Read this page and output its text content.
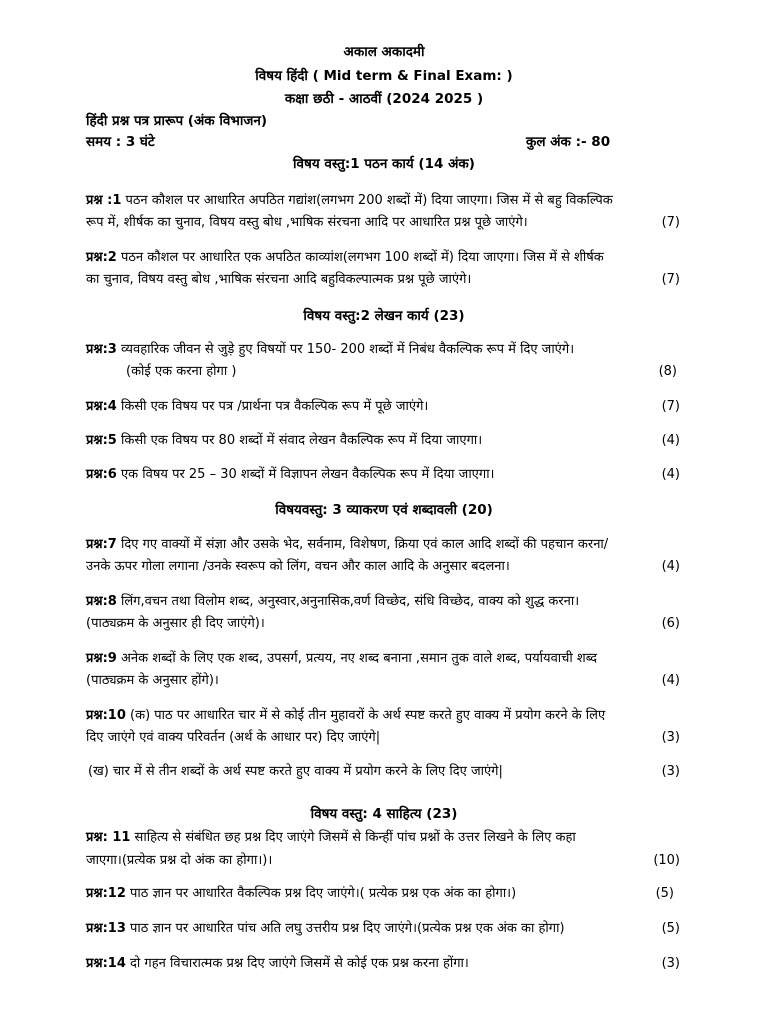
अकाल अकादमी
विषय हिंदी ( Mid term & Final Exam: )
कक्षा छठी - आठवीं (2024 2025 )
हिंदी प्रश्न पत्र प्रारूप (अंक विभाजन)
समय : 3 घंटे	कुल अंक :- 80
विषय वस्तु:1 पठन कार्य (14 अंक)
प्रश्न :1 पठन कौशल पर आधारित अपठित गद्यांश(लगभग 200 शब्दों में) दिया जाएगा। जिस में से बहु विकल्पिक
रूप में, शीर्षक का चुनाव, विषय वस्तु बोध ,भाषिक संरचना आदि पर आधारित प्रश्न पूछे जाएंगे।	(7)
प्रश्न:2 पठन कौशल पर आधारित एक अपठित काव्यांश(लगभग 100 शब्दों में) दिया जाएगा। जिस में से शीर्षक
का चुनाव, विषय वस्तु बोध ,भाषिक संरचना आदि बहुविकल्पात्मक प्रश्न पूछे जाएंगे।	(7)
विषय वस्तु:2 लेखन कार्य (23)
प्रश्न:3 व्यवहारिक जीवन से जुड़े हुए विषयों पर 150- 200 शब्दों में निबंध वैकल्पिक रूप में दिए जाएंगे।
(कोई एक करना होगा )	(8)
प्रश्न:4 किसी एक विषय पर पत्र /प्रार्थना पत्र वैकल्पिक रूप में पूछे जाएंगे।	(7)
प्रश्न:5 किसी एक विषय पर 80 शब्दों में संवाद लेखन वैकल्पिक रूप में दिया जाएगा।	(4)
प्रश्न:6 एक विषय पर 25 – 30 शब्दों में विज्ञापन लेखन वैकल्पिक रूप में दिया जाएगा।	(4)
विषयवस्तु: 3 व्याकरण एवं शब्दावली (20)
प्रश्न:7 दिए गए वाक्यों में संज्ञा और उसके भेद, सर्वनाम, विशेषण, क्रिया एवं काल आदि शब्दों की पहचान करना/
उनके ऊपर गोला लगाना /उनके स्वरूप को लिंग, वचन और काल आदि के अनुसार बदलना।	(4)
प्रश्न:8 लिंग,वचन तथा विलोम शब्द, अनुस्वार,अनुनासिक,वर्ण विच्छेद, संधि विच्छेद, वाक्य को शुद्ध करना।
(पाठ्यक्रम के अनुसार ही दिए जाएंगे)।	(6)
प्रश्न:9 अनेक शब्दों के लिए एक शब्द, उपसर्ग, प्रत्यय, नए शब्द बनाना ,समान तुक वाले शब्द, पर्यायवाची शब्द
(पाठ्यक्रम के अनुसार होंगे)।	(4)
प्रश्न:10 (क) पाठ पर आधारित चार में से कोई तीन मुहावरों के अर्थ स्पष्ट करते हुए वाक्य में प्रयोग करने के लिए
दिए जाएंगे एवं वाक्य परिवर्तन (अर्थ के आधार पर) दिए जाएंगे|	(3)
(ख) चार में से तीन शब्दों के अर्थ स्पष्ट करते हुए वाक्य में प्रयोग करने के लिए दिए जाएंगे|	(3)
विषय वस्तु: 4 साहित्य (23)
प्रश्न: 11 साहित्य से संबंधित छह प्रश्न दिए जाएंगे जिसमें से किन्हीं पांच प्रश्नों के उत्तर लिखने के लिए कहा
जाएगा।(प्रत्येक प्रश्न दो अंक का होगा।)।	(10)
प्रश्न:12 पाठ ज्ञान पर आधारित वैकल्पिक प्रश्न दिए जाएंगे।( प्रत्येक प्रश्न एक अंक का होगा।)	(5)
प्रश्न:13 पाठ ज्ञान पर आधारित पांच अति लघु उत्तरीय प्रश्न दिए जाएंगे।(प्रत्येक प्रश्न एक अंक का होगा)	(5)
प्रश्न:14 दो गहन विचारात्मक प्रश्न दिए जाएंगे जिसमें से कोई एक प्रश्न करना होंगा।	(3)
